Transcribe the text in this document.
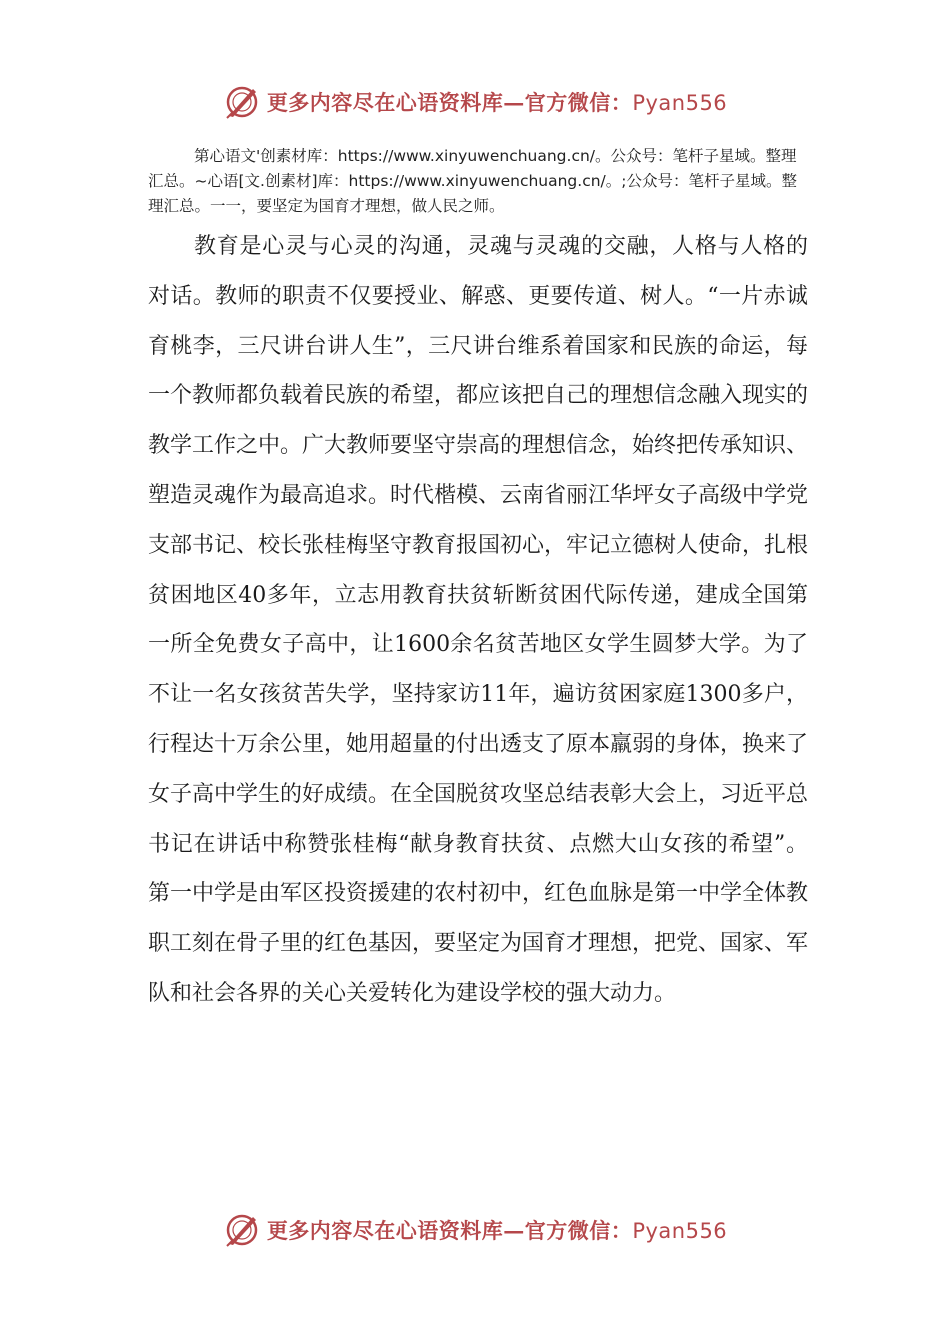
更多内容尽在心语资料库—官方微信：Pyan556
第心语文'创素材库：https://www.xinyuwenchuang.cn/。公众号：笔杆子星域。整理汇总。~心语[文.创素材]库：https://www.xinyuwenchuang.cn/。;公众号：笔杆子星域。整理汇总。一一，要坚定为国育才理想，做人民之师。
教育是心灵与心灵的沟通，灵魂与灵魂的交融，人格与人格的对话。教师的职责不仅要授业、解惑、更要传道、树人。“一片赤诚育桃李，三尺讲台讲人生”，三尺讲台维系着国家和民族的命运，每一个教师都负载着民族的希望，都应该把自己的理想信念融入现实的教学工作之中。广大教师要坚守崇高的理想信念，始终把传承知识、塑造灵魂作为最高追求。时代楷模、云南省丽江华坪女子高级中学党支部书记、校长张桂梅坚守教育报国初心，牢记立德树人使命，扎根贫困地区40多年，立志用教育扶贫斩断贫困代际传递，建成全国第一所全免费女子高中，让1600余名贫苦地区女学生圆梦大学。为了不让一名女孩贫苦失学，坚持家访11年，遍访贫困家庭1300多户，行程达十万余公里，她用超量的付出透支了原本羸弱的身体，换来了女子高中学生的好成绩。在全国脱贫攻坚总结表彰大会上，习近平总书记在讲话中称赞张桂梅“献身教育扶贫、点燃大山女孩的希望”。第一中学是由军区投资援建的农村初中，红色血脉是第一中学全体教职工刻在骨子里的红色基因，要坚定为国育才理想，把党、国家、军队和社会各界的关心关爱转化为建设学校的强大动力。
更多内容尽在心语资料库—官方微信：Pyan556
